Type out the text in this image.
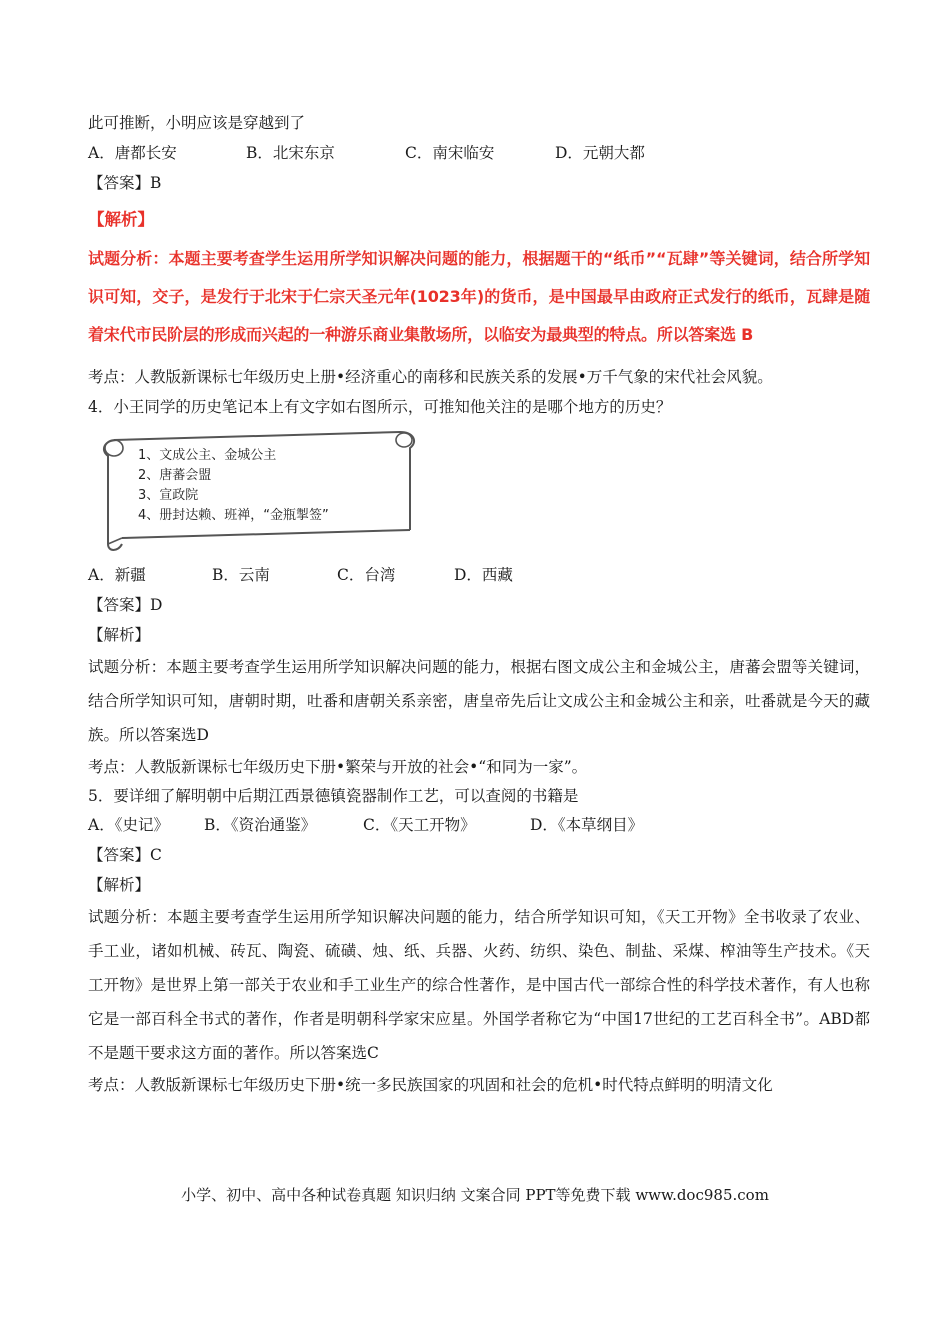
此可推断，小明应该是穿越到了
A．唐都长安	B．北宋东京	C．南宋临安	D．元朝大都
【答案】B
【解析】

试题分析：本题主要考查学生运用所学知识解决问题的能力，根据题干的“纸币”“瓦肆”等关键词，结合所学知识可知，交子，是发行于北宋于仁宗天圣元年(1023年)的货币，是中国最早由政府正式发行的纸币，瓦肆是随着宋代市民阶层的形成而兴起的一种游乐商业集散场所，以临安为最典型的特点。所以答案选 B

考点：人教版新课标七年级历史上册•经济重心的南移和民族关系的发展•万千气象的宋代社会风貌。
4．小王同学的历史笔记本上有文字如右图所示，可推知他关注的是哪个地方的历史？
1、文成公主、金城公主
2、唐蕃会盟
3、宣政院
4、册封达赖、班禅，“金瓶掣签”
A．新疆	B．云南	C．台湾	D．西藏
【答案】D
【解析】

试题分析：本题主要考查学生运用所学知识解决问题的能力，根据右图文成公主和金城公主，唐蕃会盟等关键词，结合所学知识可知，唐朝时期，吐番和唐朝关系亲密，唐皇帝先后让文成公主和金城公主和亲，吐番就是今天的藏族。所以答案选D

考点：人教版新课标七年级历史下册•繁荣与开放的社会•“和同为一家”。
5．要详细了解明朝中后期江西景德镇瓷器制作工艺，可以查阅的书籍是
A．《史记》	B．《资治通鉴》	C．《天工开物》	D．《本草纲目》
【答案】C
【解析】

试题分析：本题主要考查学生运用所学知识解决问题的能力，结合所学知识可知，《天工开物》全书收录了农业、手工业，诸如机械、砖瓦、陶瓷、硫磺、烛、纸、兵器、火药、纺织、染色、制盐、采煤、榨油等生产技术。《天工开物》是世界上第一部关于农业和手工业生产的综合性著作，是中国古代一部综合性的科学技术著作，有人也称它是一部百科全书式的著作，作者是明朝科学家宋应星。外国学者称它为“中国17世纪的工艺百科全书”。ABD都不是题干要求这方面的著作。所以答案选C

考点：人教版新课标七年级历史下册•统一多民族国家的巩固和社会的危机•时代特点鲜明的明清文化
小学、初中、高中各种试卷真题 知识归纳 文案合同 PPT等免费下载 www.doc985.com
